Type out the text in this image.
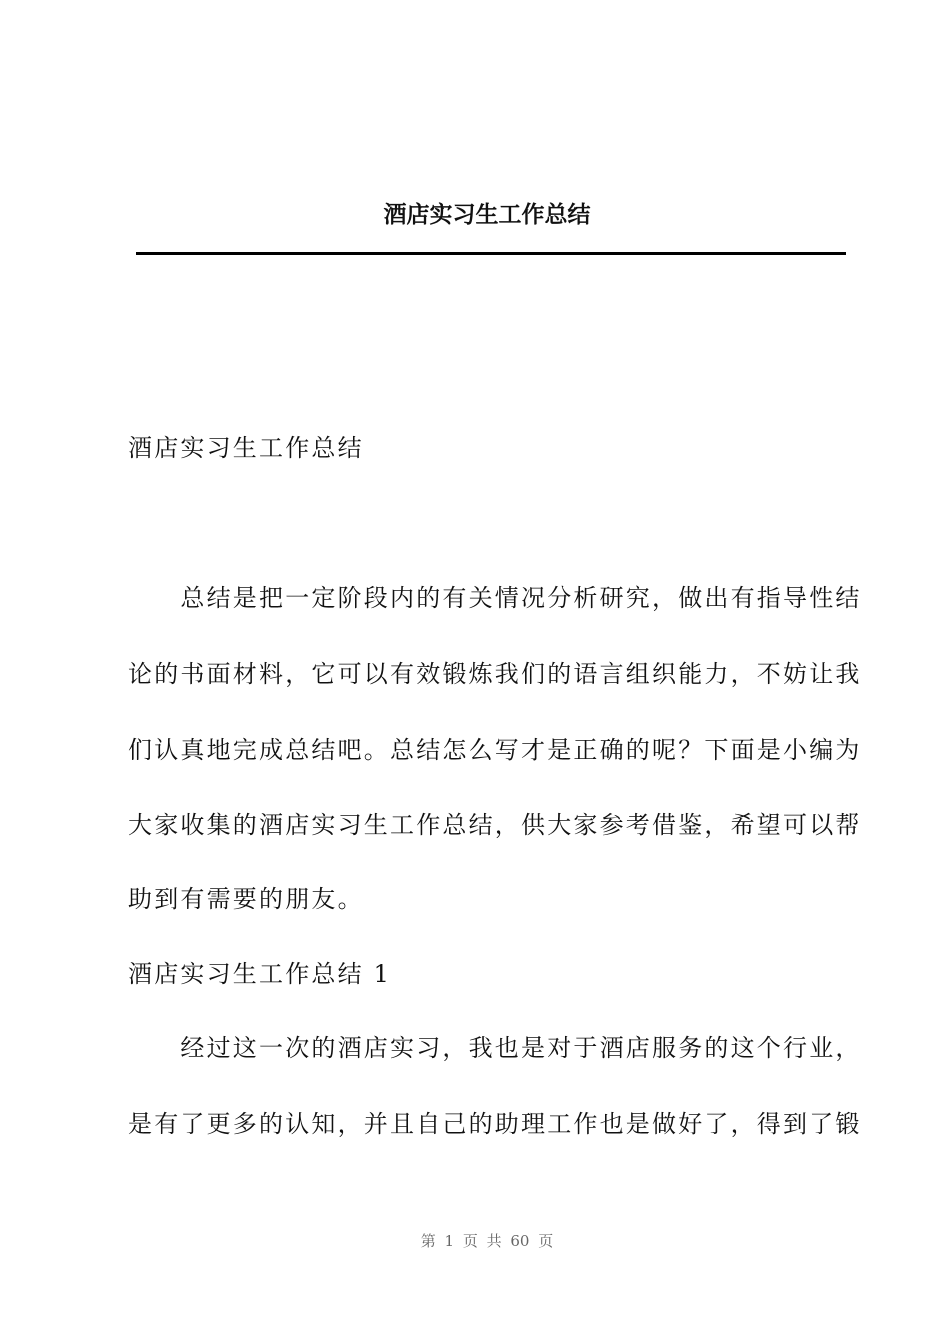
酒店实习生工作总结
酒店实习生工作总结
　　总结是把一定阶段内的有关情况分析研究，做出有指导性结
论的书面材料，它可以有效锻炼我们的语言组织能力，不妨让我
们认真地完成总结吧。总结怎么写才是正确的呢？下面是小编为
大家收集的酒店实习生工作总结，供大家参考借鉴，希望可以帮
助到有需要的朋友。
酒店实习生工作总结 1
　　经过这一次的酒店实习，我也是对于酒店服务的这个行业，
是有了更多的认知，并且自己的助理工作也是做好了，得到了锻
第 1 页 共 60 页
